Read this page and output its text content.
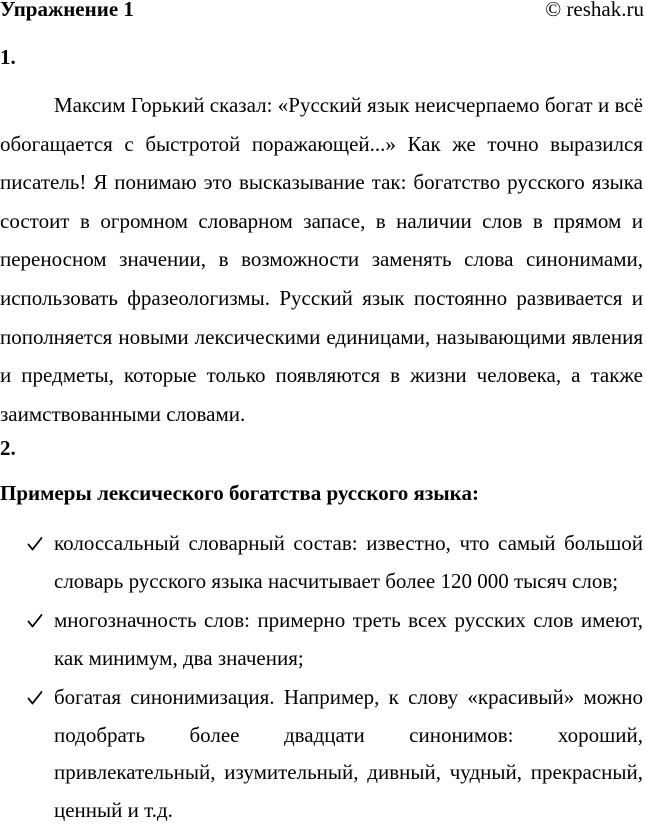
Упражнение 1	© reshak.ru
1.

Максим Горький сказал: «Русский язык неисчерпаемо богат и всё обогащается с быстротой поражающей...» Как же точно выразился писатель! Я понимаю это высказывание так: богатство русского языка состоит в огромном словарном запасе, в наличии слов в прямом и переносном значении, в возможности заменять слова синонимами, использовать фразеологизмы. Русский язык постоянно развивается и пополняется новыми лексическими единицами, называющими явления и предметы, которые только появляются в жизни человека, а также заимствованными словами.

2.
Примеры лексического богатства русского языка:
колоссальный словарный состав: известно, что самый большой словарь русского языка насчитывает более 120 000 тысяч слов;
многозначность слов: примерно треть всех русских слов имеют, как минимум, два значения;
богатая синонимизация. Например, к слову «красивый» можно подобрать более двадцати синонимов: хороший, привлекательный, изумительный, дивный, чудный, прекрасный, ценный и т.д.
